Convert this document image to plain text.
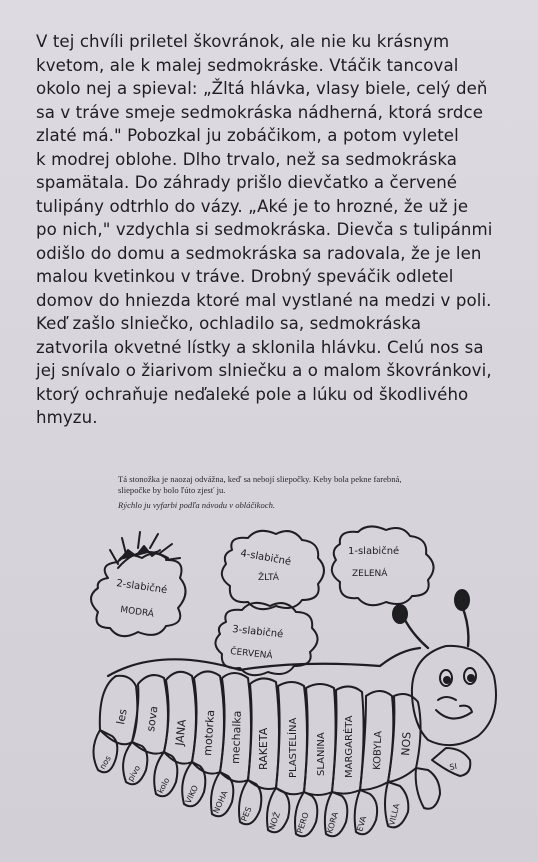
V tej chvíli priletel škovránok, ale nie ku krásnym
kvetom, ale k malej sedmokráske. Vtáčik tancoval
okolo nej a spieval: „Žltá hlávka, vlasy biele, celý deň
sa v tráve smeje sedmokráska nádherná, ktorá srdce
zlaté má." Pobozkal ju zobáčikom, a potom vyletel
k modrej oblohe. Dlho trvalo, než sa sedmokráska
spamätala. Do záhrady prišlo dievčatko a červené
tulipány odtrhlo do vázy. „Aké je to hrozné, že už je
po nich," vzdychla si sedmokráska. Dievča s tulipánmi
odišlo do domu a sedmokráska sa radovala, že je len
malou kvetinkou v tráve. Drobný speváčik odletel
domov do hniezda ktoré mal vystlané na medzi v poli.
Keď zašlo slniečko, ochladilo sa, sedmokráska
zatvorila okvetné lístky a sklonila hlávku. Celú nos sa
jej snívalo o žiarivom slniečku a o malom škovránkovi,
ktorý ochraňuje neďaleké pole a lúku od škodlivého
hmyzu.
Tá stonožka je naozaj odvážna, keď sa nebojí sliepočky. Keby bola pekne farebná,
sliepočke by bolo ľúto zjesť ju.
Rýchlo ju vyfarbi podľa návodu v obláčikoch.
2-slabičné
MODRÁ
4-slabičné
ŽLTÁ
1-slabičné
ZELENÁ
3-slabičné
ČERVENÁ
les sova JANA motorka mechalka RAKETA PLASTELÍNA SLANINA MARGARÉTA KOBYLA NOS
nos
pivo
kolo VIKO NOHA PES NOŽ PERO KORA EVA VILLA
SI
